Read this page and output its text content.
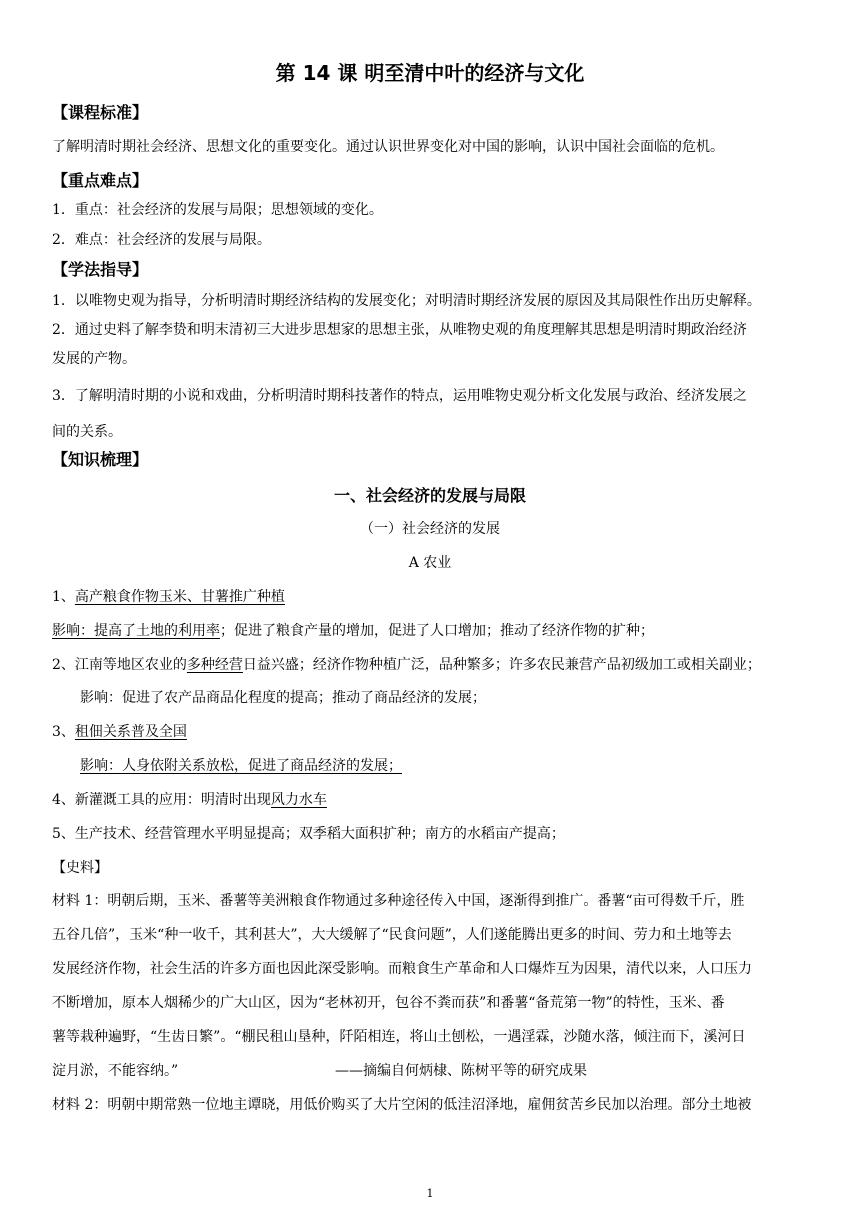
第 14 课 明至清中叶的经济与文化
【课程标准】
了解明清时期社会经济、思想文化的重要变化。通过认识世界变化对中国的影响，认识中国社会面临的危机。
【重点难点】
1．重点：社会经济的发展与局限；思想领域的变化。
2．难点：社会经济的发展与局限。
【学法指导】
1．以唯物史观为指导，分析明清时期经济结构的发展变化；对明清时期经济发展的原因及其局限性作出历史解释。
2．通过史料了解李贽和明末清初三大进步思想家的思想主张，从唯物史观的角度理解其思想是明清时期政治经济
发展的产物。
3．了解明清时期的小说和戏曲，分析明清时期科技著作的特点，运用唯物史观分析文化发展与政治、经济发展之
间的关系。
【知识梳理】
一、社会经济的发展与局限
（一）社会经济的发展
A 农业
1、高产粮食作物玉米、甘薯推广种植
影响：提高了土地的利用率；促进了粮食产量的增加，促进了人口增加；推动了经济作物的扩种；
2、江南等地区农业的多种经营日益兴盛；经济作物种植广泛，品种繁多；许多农民兼营产品初级加工或相关副业；
影响：促进了农产品商品化程度的提高；推动了商品经济的发展；
3、租佃关系普及全国
影响：人身依附关系放松，促进了商品经济的发展；
4、新灌溉工具的应用：明清时出现风力水车
5、生产技术、经营管理水平明显提高；双季稻大面积扩种；南方的水稻亩产提高；
【史料】
材料 1：明朝后期，玉米、番薯等美洲粮食作物通过多种途径传入中国，逐渐得到推广。番薯“亩可得数千斤，胜
五谷几倍”，玉米“种一收千，其利甚大”，大大缓解了“民食问题”，人们遂能腾出更多的时间、劳力和土地等去
发展经济作物，社会生活的许多方面也因此深受影响。而粮食生产革命和人口爆炸互为因果，清代以来，人口压力
不断增加，原本人烟稀少的广大山区，因为“老林初开，包谷不粪而获”和番薯“备荒第一物”的特性，玉米、番
薯等栽种遍野，“生齿日繁”。“棚民租山垦种，阡陌相连，将山土刨松，一遇淫霖，沙随水落，倾注而下，溪河日
淀月淤，不能容纳。”	——摘编自何炳棣、陈树平等的研究成果
材料 2：明朝中期常熟一位地主谭晓，用低价购买了大片空闲的低洼沼泽地，雇佣贫苦乡民加以治理。部分土地被
1
